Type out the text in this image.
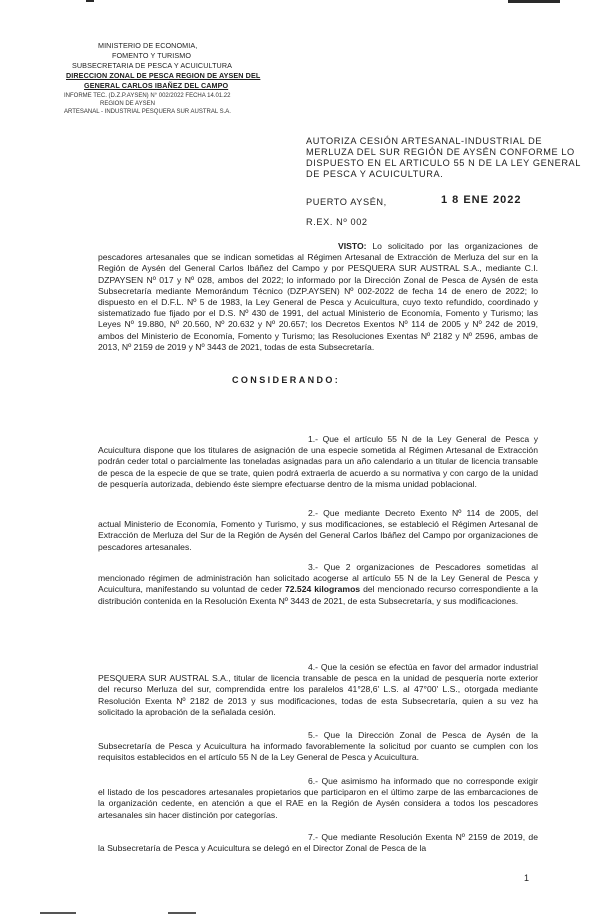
MINISTERIO DE ECONOMIA,
FOMENTO Y TURISMO
SUBSECRETARIA DE PESCA Y ACUICULTURA
DIRECCION ZONAL DE PESCA REGION DE AYSEN DEL
GENERAL CARLOS IBAÑEZ DEL CAMPO
INFORME TEC. (D.Z.P.AYSEN) N° 002/2022 FECHA 14.01.22
REGION DE AYSEN
ARTESANAL - INDUSTRIAL PESQUERA SUR AUSTRAL S.A.
AUTORIZA CESIÓN ARTESANAL-INDUSTRIAL DE
MERLUZA DEL SUR REGIÓN DE AYSÉN CONFORME LO
DISPUESTO EN EL ARTICULO 55 N DE LA LEY GENERAL
DE PESCA Y ACUICULTURA.
PUERTO AYSÉN,	1 8 ENE 2022
R.EX. Nº 002
VISTO: Lo solicitado por las organizaciones de pescadores artesanales que se indican sometidas al Régimen Artesanal de Extracción de Merluza del sur en la Región de Aysén del General Carlos Ibáñez del Campo y por PESQUERA SUR AUSTRAL S.A., mediante C.I. DZPAYSEN Nº 017 y Nº 028, ambos del 2022; lo informado por la Dirección Zonal de Pesca de Aysén de esta Subsecretaría mediante Memorándum Técnico (DZP.AYSEN) Nº 002-2022 de fecha 14 de enero de 2022; lo dispuesto en el D.F.L. Nº 5 de 1983, la Ley General de Pesca y Acuicultura, cuyo texto refundido, coordinado y sistematizado fue fijado por el D.S. Nº 430 de 1991, del actual Ministerio de Economía, Fomento y Turismo; las Leyes Nº 19.880, Nº 20.560, Nº 20.632 y Nº 20.657; los Decretos Exentos Nº 114 de 2005 y Nº 242 de 2019, ambos del Ministerio de Economía, Fomento y Turismo; las Resoluciones Exentas Nº 2182 y Nº 2596, ambas de 2013, Nº 2159 de 2019 y Nº 3443 de 2021, todas de esta Subsecretaría.
CONSIDERANDO:
1.- Que el artículo 55 N de la Ley General de Pesca y Acuicultura dispone que los titulares de asignación de una especie sometida al Régimen Artesanal de Extracción podrán ceder total o parcialmente las toneladas asignadas para un año calendario a un titular de licencia transable de pesca de la especie de que se trate, quien podrá extraerla de acuerdo a su normativa y con cargo de la unidad de pesquería autorizada, debiendo éste siempre efectuarse dentro de la misma unidad poblacional.
2.- Que mediante Decreto Exento Nº 114 de 2005, del actual Ministerio de Economía, Fomento y Turismo, y sus modificaciones, se estableció el Régimen Artesanal de Extracción de Merluza del Sur de la Región de Aysén del General Carlos Ibáñez del Campo por organizaciones de pescadores artesanales.
3.- Que 2 organizaciones de Pescadores sometidas al mencionado régimen de administración han solicitado acogerse al artículo 55 N de la Ley General de Pesca y Acuicultura, manifestando su voluntad de ceder 72.524 kilogramos del mencionado recurso correspondiente a la distribución contenida en la Resolución Exenta Nº 3443 de 2021, de esta Subsecretaría, y sus modificaciones.
4.- Que la cesión se efectúa en favor del armador industrial PESQUERA SUR AUSTRAL S.A., titular de licencia transable de pesca en la unidad de pesquería norte exterior del recurso Merluza del sur, comprendida entre los paralelos 41°28,6' L.S. al 47°00' L.S., otorgada mediante Resolución Exenta Nº 2182 de 2013 y sus modificaciones, todas de esta Subsecretaría, quien a su vez ha solicitado la aprobación de la señalada cesión.
5.- Que la Dirección Zonal de Pesca de Aysén de la Subsecretaría de Pesca y Acuicultura ha informado favorablemente la solicitud por cuanto se cumplen con los requisitos establecidos en el artículo 55 N de la Ley General de Pesca y Acuicultura.
6.- Que asimismo ha informado que no corresponde exigir el listado de los pescadores artesanales propietarios que participaron en el último zarpe de las embarcaciones de la organización cedente, en atención a que el RAE en la Región de Aysén considera a todos los pescadores artesanales sin hacer distinción por categorías.
7.- Que mediante Resolución Exenta Nº 2159 de 2019, de la Subsecretaría de Pesca y Acuicultura se delegó en el Director Zonal de Pesca de la
1
